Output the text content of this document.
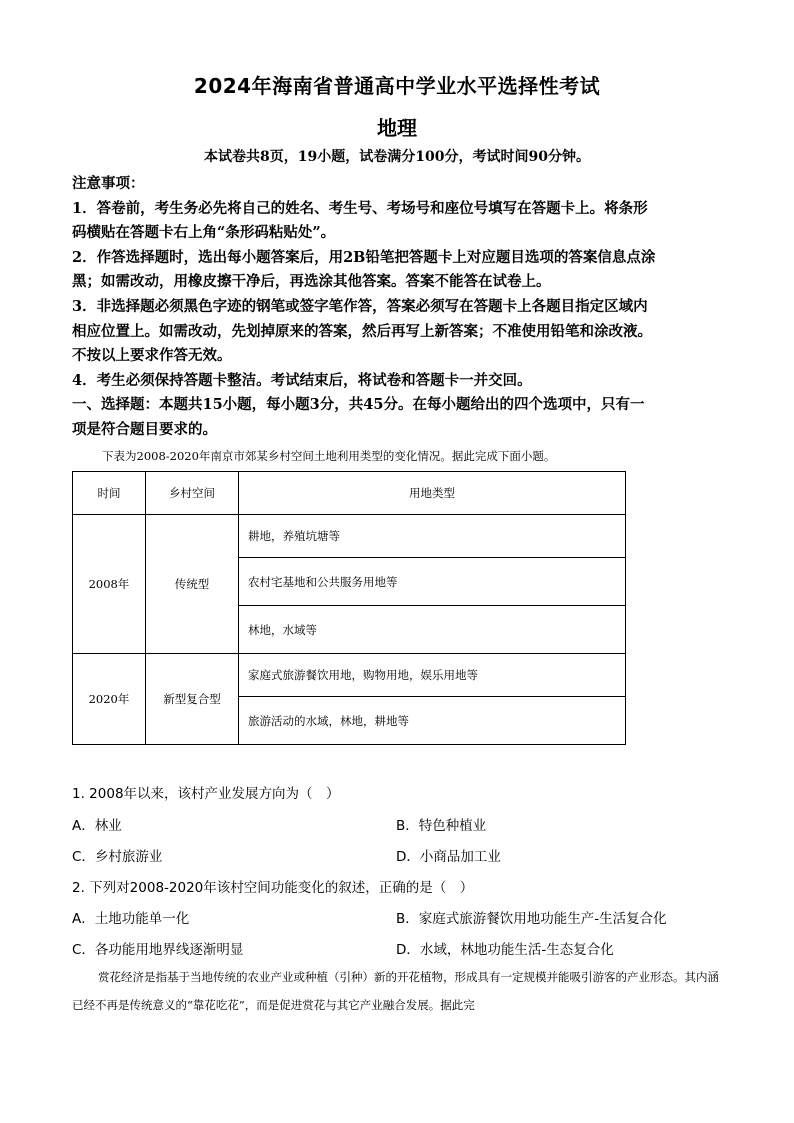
2024年海南省普通高中学业水平选择性考试
地理
本试卷共8页，19小题，试卷满分100分，考试时间90分钟。
注意事项：
1．答卷前，考生务必先将自己的姓名、考生号、考场号和座位号填写在答题卡上。将条形
码横贴在答题卡右上角“条形码粘贴处”。
2．作答选择题时，选出每小题答案后，用2B铅笔把答题卡上对应题目选项的答案信息点涂
黑；如需改动，用橡皮擦干净后，再选涂其他答案。答案不能答在试卷上。
3．非选择题必须黑色字迹的钢笔或签字笔作答，答案必须写在答题卡上各题目指定区域内
相应位置上。如需改动，先划掉原来的答案，然后再写上新答案；不准使用铅笔和涂改液。
不按以上要求作答无效。
4．考生必须保持答题卡整洁。考试结束后，将试卷和答题卡一并交回。
一、选择题：本题共15小题，每小题3分，共45分。在每小题给出的四个选项中，只有一
项是符合题目要求的。
下表为2008-2020年南京市郊某乡村空间土地利用类型的变化情况。据此完成下面小题。
时间	乡村空间	用地类型
2008年	传统型	耕地，养殖坑塘等
		农村宅基地和公共服务用地等
		林地，水域等
2020年	新型复合型	家庭式旅游餐饮用地，购物用地，娱乐用地等
		旅游活动的水域，林地，耕地等
1. 2008年以来，该村产业发展方向为（　）
A．林业	B．特色种植业
C．乡村旅游业	D．小商品加工业
2. 下列对2008-2020年该村空间功能变化的叙述，正确的是（　）
A．土地功能单一化	B．家庭式旅游餐饮用地功能生产-生活复合化
C．各功能用地界线逐渐明显	D．水域，林地功能生活-生态复合化
赏花经济是指基于当地传统的农业产业或种植（引种）新的开花植物，形成具有一定规模并能吸引游客的产业形态。其内涵已经不再是传统意义的“靠花吃花”，而是促进赏花与其它产业融合发展。据此完
